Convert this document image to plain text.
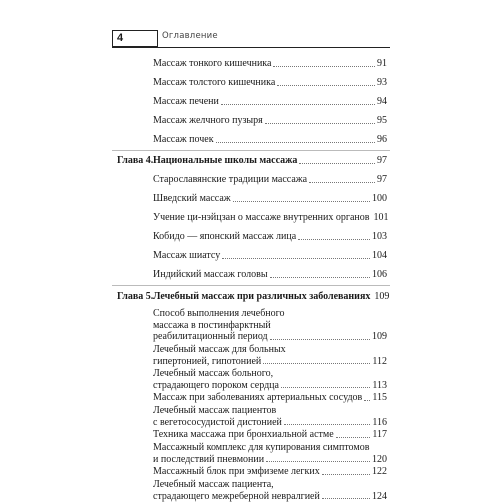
4	Оглавление
Массаж тонкого кишечника	91
Массаж толстого кишечника	93
Массаж печени	94
Массаж желчного пузыря	95
Массаж почек	96
Глава 4. Национальные школы массажа	97
Старославянские традиции массажа	97
Шведский массаж	100
Учение ци-нэйцзан о массаже внутренних органов 101
Кобидо — японский массаж лица	103
Массаж шиатсу	104
Индийский массаж головы	106
Глава 5. Лечебный массаж при различных заболеваниях 109
Способ выполнения лечебного
массажа в постинфарктный
реабилитационный период	109
Лечебный массаж для больных
гипертонией, гипотонией	112
Лечебный массаж больного,
страдающего пороком сердца	113
Массаж при заболеваниях артериальных сосудов 115
Лечебный массаж пациентов
с вегетососудистой дистонией	116
Техника массажа при бронхиальной астме	117
Массажный комплекс для купирования симптомов
и последствий пневмонии	120
Массажный блок при эмфиземе легких	122
Лечебный массаж пациента,
страдающего межреберной невралгией	124
